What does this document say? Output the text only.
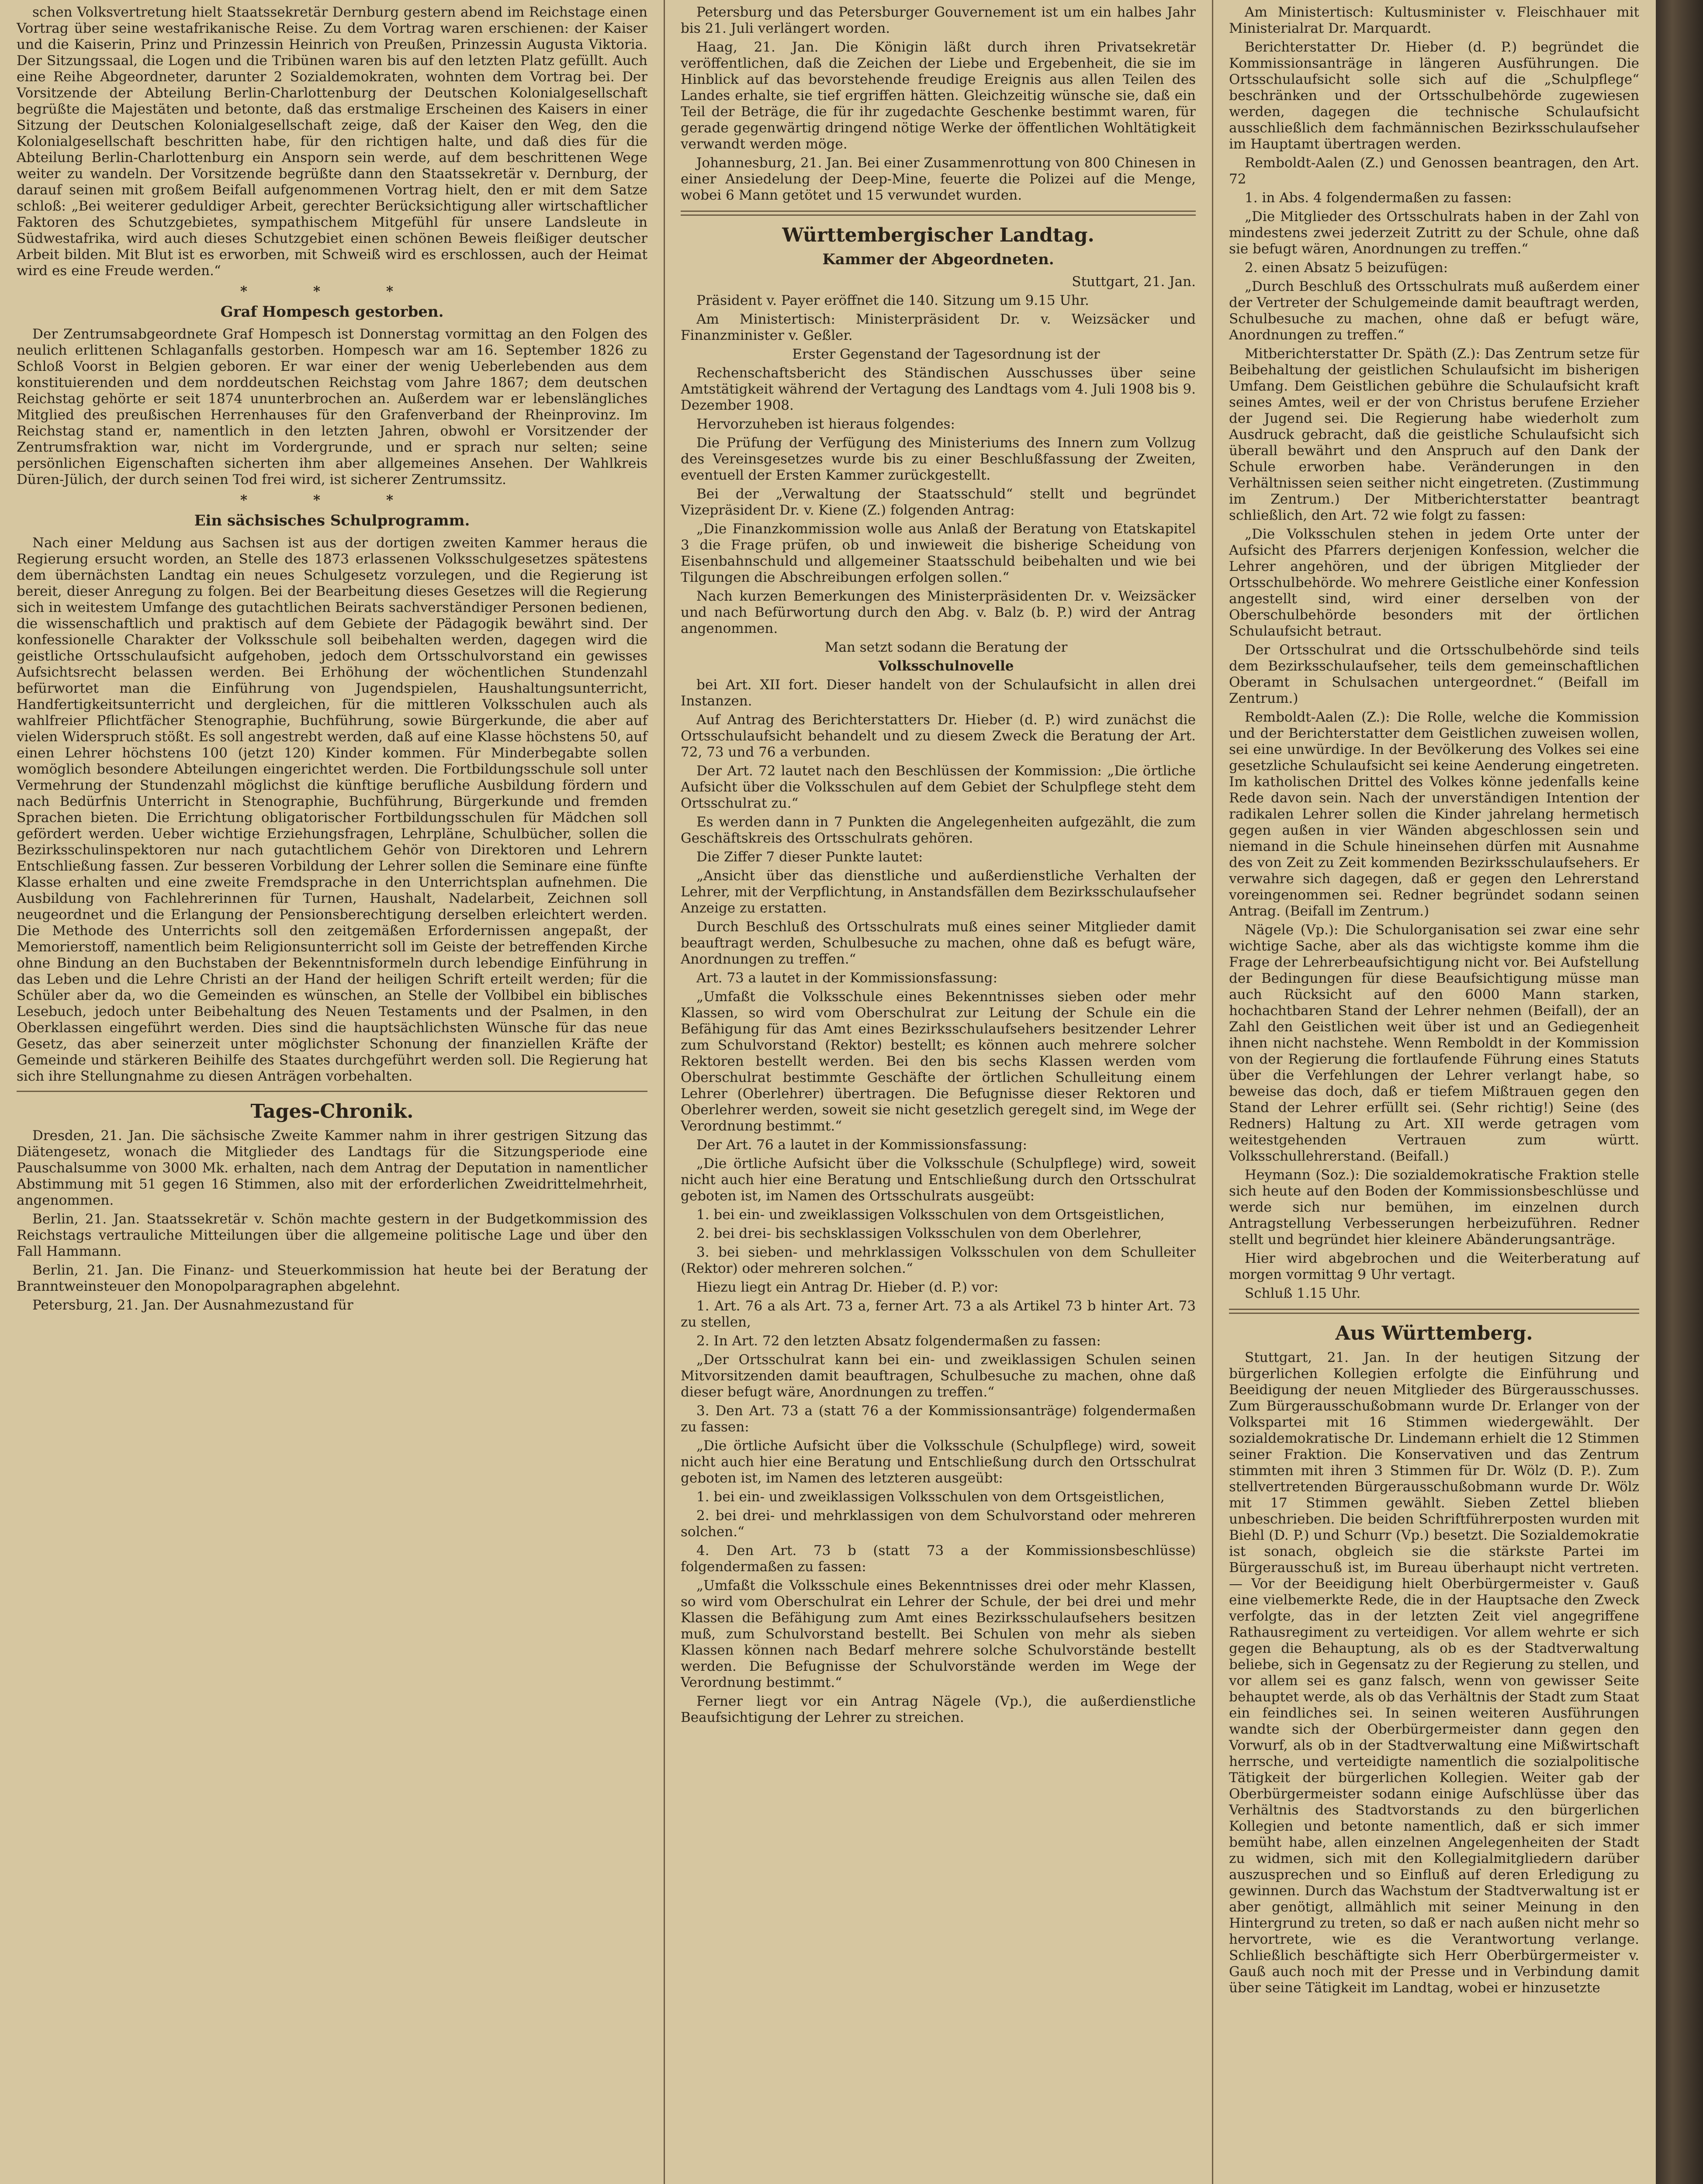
schen Volksvertretung hielt Staatssekretär Dernburg gestern abend im Reichstage einen Vortrag über seine westafrikanische Reise. Zu dem Vortrag waren erschienen: der Kaiser und die Kaiserin, Prinz und Prinzessin Heinrich von Preußen, Prinzessin Augusta Viktoria. Der Sitzungssaal, die Logen und die Tribünen waren bis auf den letzten Platz gefüllt. Auch eine Reihe Abgeordneter, darunter 2 Sozialdemokraten, wohnten dem Vortrag bei. Der Vorsitzende der Abteilung Berlin-Charlottenburg der Deutschen Kolonialgesellschaft begrüßte die Majestäten und betonte, daß das erstmalige Erscheinen des Kaisers in einer Sitzung der Deutschen Kolonialgesellschaft zeige, daß der Kaiser den Weg, den die Kolonialgesellschaft beschritten habe, für den richtigen halte, und daß dies für die Abteilung Berlin-Charlottenburg ein Ansporn sein werde, auf dem beschrittenen Wege weiter zu wandeln. Der Vorsitzende begrüßte dann den Staatssekretär v. Dernburg, der darauf seinen mit großem Beifall aufgenommenen Vortrag hielt, den er mit dem Satze schloß: „Bei weiterer geduldiger Arbeit, gerechter Berücksichtigung aller wirtschaftlicher Faktoren des Schutzgebietes, sympathischem Mitgefühl für unsere Landsleute in Südwestafrika, wird auch dieses Schutzgebiet einen schönen Beweis fleißiger deutscher Arbeit bilden. Mit Blut ist es erworben, mit Schweiß wird es erschlossen, auch der Heimat wird es eine Freude werden.“

* * *
Graf Hompesch gestorben.

Der Zentrumsabgeordnete Graf Hompesch ist Donnerstag vormittag an den Folgen des neulich erlittenen Schlaganfalls gestorben. Hompesch war am 16. September 1826 zu Schloß Voorst in Belgien geboren. Er war einer der wenig Ueberlebenden aus dem konstituierenden und dem norddeutschen Reichstag vom Jahre 1867; dem deutschen Reichstag gehörte er seit 1874 ununterbrochen an. Außerdem war er lebenslängliches Mitglied des preußischen Herrenhauses für den Grafenverband der Rheinprovinz. Im Reichstag stand er, namentlich in den letzten Jahren, obwohl er Vorsitzender der Zentrumsfraktion war, nicht im Vordergrunde, und er sprach nur selten; seine persönlichen Eigenschaften sicherten ihm aber allgemeines Ansehen. Der Wahlkreis Düren-Jülich, der durch seinen Tod frei wird, ist sicherer Zentrumssitz.

* * *
Ein sächsisches Schulprogramm.

Nach einer Meldung aus Sachsen ist aus der dortigen zweiten Kammer heraus die Regierung ersucht worden, an Stelle des 1873 erlassenen Volksschulgesetzes spätestens dem übernächsten Landtag ein neues Schulgesetz vorzulegen, und die Regierung ist bereit, dieser Anregung zu folgen. Bei der Bearbeitung dieses Gesetzes will die Regierung sich in weitestem Umfange des gutachtlichen Beirats sachverständiger Personen bedienen, die wissenschaftlich und praktisch auf dem Gebiete der Pädagogik bewährt sind. Der konfessionelle Charakter der Volksschule soll beibehalten werden, dagegen wird die geistliche Ortsschulaufsicht aufgehoben, jedoch dem Ortsschulvorstand ein gewisses Aufsichtsrecht belassen werden. Bei Erhöhung der wöchentlichen Stundenzahl befürwortet man die Einführung von Jugendspielen, Haushaltungsunterricht, Handfertigkeitsunterricht und dergleichen, für die mittleren Volksschulen auch als wahlfreier Pflichtfächer Stenographie, Buchführung, sowie Bürgerkunde, die aber auf vielen Widerspruch stößt. Es soll angestrebt werden, daß auf eine Klasse höchstens 50, auf einen Lehrer höchstens 100 (jetzt 120) Kinder kommen. Für Minderbegabte sollen womöglich besondere Abteilungen eingerichtet werden. Die Fortbildungsschule soll unter Vermehrung der Stundenzahl möglichst die künftige berufliche Ausbildung fördern und nach Bedürfnis Unterricht in Stenographie, Buchführung, Bürgerkunde und fremden Sprachen bieten. Die Errichtung obligatorischer Fortbildungsschulen für Mädchen soll gefördert werden. Ueber wichtige Erziehungsfragen, Lehrpläne, Schulbücher, sollen die Bezirksschulinspektoren nur nach gutachtlichem Gehör von Direktoren und Lehrern Entschließung fassen. Zur besseren Vorbildung der Lehrer sollen die Seminare eine fünfte Klasse erhalten und eine zweite Fremdsprache in den Unterrichtsplan aufnehmen. Die Ausbildung von Fachlehrerinnen für Turnen, Haushalt, Nadelarbeit, Zeichnen soll neugeordnet und die Erlangung der Pensionsberechtigung derselben erleichtert werden. Die Methode des Unterrichts soll den zeitgemäßen Erfordernissen angepaßt, der Memorierstoff, namentlich beim Religionsunterricht soll im Geiste der betreffenden Kirche ohne Bindung an den Buchstaben der Bekenntnisformeln durch lebendige Einführung in das Leben und die Lehre Christi an der Hand der heiligen Schrift erteilt werden; für die Schüler aber da, wo die Gemeinden es wünschen, an Stelle der Vollbibel ein biblisches Lesebuch, jedoch unter Beibehaltung des Neuen Testaments und der Psalmen, in den Oberklassen eingeführt werden. Dies sind die hauptsächlichsten Wünsche für das neue Gesetz, das aber seinerzeit unter möglichster Schonung der finanziellen Kräfte der Gemeinde und stärkeren Beihilfe des Staates durchgeführt werden soll. Die Regierung hat sich ihre Stellungnahme zu diesen Anträgen vorbehalten.

Tages-Chronik.

Dresden, 21. Jan. Die sächsische Zweite Kammer nahm in ihrer gestrigen Sitzung das Diätengesetz, wonach die Mitglieder des Landtags für die Sitzungsperiode eine Pauschalsumme von 3000 Mk. erhalten, nach dem Antrag der Deputation in namentlicher Abstimmung mit 51 gegen 16 Stimmen, also mit der erforderlichen Zweidrittelmehrheit, angenommen.

Berlin, 21. Jan. Staatssekretär v. Schön machte gestern in der Budgetkommission des Reichstags vertrauliche Mitteilungen über die allgemeine politische Lage und über den Fall Hammann.

Berlin, 21. Jan. Die Finanz- und Steuerkommission hat heute bei der Beratung der Branntweinsteuer den Monopolparagraphen abgelehnt.

Petersburg, 21. Jan. Der Ausnahmezustand für

Petersburg und das Petersburger Gouvernement ist um ein halbes Jahr bis 21. Juli verlängert worden.

Haag, 21. Jan. Die Königin läßt durch ihren Privatsekretär veröffentlichen, daß die Zeichen der Liebe und Ergebenheit, die sie im Hinblick auf das bevorstehende freudige Ereignis aus allen Teilen des Landes erhalte, sie tief ergriffen hätten. Gleichzeitig wünsche sie, daß ein Teil der Beträge, die für ihr zugedachte Geschenke bestimmt waren, für gerade gegenwärtig dringend nötige Werke der öffentlichen Wohltätigkeit verwandt werden möge.

Johannesburg, 21. Jan. Bei einer Zusammenrottung von 800 Chinesen in einer Ansiedelung der Deep-Mine, feuerte die Polizei auf die Menge, wobei 6 Mann getötet und 15 verwundet wurden.

Württembergischer Landtag.
Kammer der Abgeordneten.

Stuttgart, 21. Jan.

Präsident v. Payer eröffnet die 140. Sitzung um 9.15 Uhr.

Am Ministertisch: Ministerpräsident Dr. v. Weizsäcker und Finanzminister v. Geßler.

Erster Gegenstand der Tagesordnung ist der

Rechenschaftsbericht des Ständischen Ausschusses über seine Amtstätigkeit während der Vertagung des Landtags vom 4. Juli 1908 bis 9. Dezember 1908.

Hervorzuheben ist hieraus folgendes:

Die Prüfung der Verfügung des Ministeriums des Innern zum Vollzug des Vereinsgesetzes wurde bis zu einer Beschlußfassung der Zweiten, eventuell der Ersten Kammer zurückgestellt.

Bei der „Verwaltung der Staatsschuld“ stellt und begründet Vizepräsident Dr. v. Kiene (Z.) folgenden Antrag:

„Die Finanzkommission wolle aus Anlaß der Beratung von Etatskapitel 3 die Frage prüfen, ob und inwieweit die bisherige Scheidung von Eisenbahnschuld und allgemeiner Staatsschuld beibehalten und wie bei Tilgungen die Abschreibungen erfolgen sollen.“

Nach kurzen Bemerkungen des Ministerpräsidenten Dr. v. Weizsäcker und nach Befürwortung durch den Abg. v. Balz (b. P.) wird der Antrag angenommen.

Man setzt sodann die Beratung der

Volksschulnovelle

bei Art. XII fort. Dieser handelt von der Schulaufsicht in allen drei Instanzen.

Auf Antrag des Berichterstatters Dr. Hieber (d. P.) wird zunächst die Ortsschulaufsicht behandelt und zu diesem Zweck die Beratung der Art. 72, 73 und 76 a verbunden.

Der Art. 72 lautet nach den Beschlüssen der Kommission: „Die örtliche Aufsicht über die Volksschulen auf dem Gebiet der Schulpflege steht dem Ortsschulrat zu.“

Es werden dann in 7 Punkten die Angelegenheiten aufgezählt, die zum Geschäftskreis des Ortsschulrats gehören.

Die Ziffer 7 dieser Punkte lautet:

„Ansicht über das dienstliche und außerdienstliche Verhalten der Lehrer, mit der Verpflichtung, in Anstandsfällen dem Bezirksschulaufseher Anzeige zu erstatten.

Durch Beschluß des Ortsschulrats muß eines seiner Mitglieder damit beauftragt werden, Schulbesuche zu machen, ohne daß es befugt wäre, Anordnungen zu treffen.“

Art. 73 a lautet in der Kommissionsfassung:

„Umfaßt die Volksschule eines Bekenntnisses sieben oder mehr Klassen, so wird vom Oberschulrat zur Leitung der Schule ein die Befähigung für das Amt eines Bezirksschulaufsehers besitzender Lehrer zum Schulvorstand (Rektor) bestellt; es können auch mehrere solcher Rektoren bestellt werden. Bei den bis sechs Klassen werden vom Oberschulrat bestimmte Geschäfte der örtlichen Schulleitung einem Lehrer (Oberlehrer) übertragen. Die Befugnisse dieser Rektoren und Oberlehrer werden, soweit sie nicht gesetzlich geregelt sind, im Wege der Verordnung bestimmt.“

Der Art. 76 a lautet in der Kommissionsfassung:

„Die örtliche Aufsicht über die Volksschule (Schulpflege) wird, soweit nicht auch hier eine Beratung und Entschließung durch den Ortsschulrat geboten ist, im Namen des Ortsschulrats ausgeübt:

1. bei ein- und zweiklassigen Volksschulen von dem Ortsgeistlichen,

2. bei drei- bis sechsklassigen Volksschulen von dem Oberlehrer,

3. bei sieben- und mehrklassigen Volksschulen von dem Schulleiter (Rektor) oder mehreren solchen.“

Hiezu liegt ein Antrag Dr. Hieber (d. P.) vor:

1. Art. 76 a als Art. 73 a, ferner Art. 73 a als Artikel 73 b hinter Art. 73 zu stellen,

2. In Art. 72 den letzten Absatz folgendermaßen zu fassen:

„Der Ortsschulrat kann bei ein- und zweiklassigen Schulen seinen Mitvorsitzenden damit beauftragen, Schulbesuche zu machen, ohne daß dieser befugt wäre, Anordnungen zu treffen.“

3. Den Art. 73 a (statt 76 a der Kommissionsanträge) folgendermaßen zu fassen:

„Die örtliche Aufsicht über die Volksschule (Schulpflege) wird, soweit nicht auch hier eine Beratung und Entschließung durch den Ortsschulrat geboten ist, im Namen des letzteren ausgeübt:

1. bei ein- und zweiklassigen Volksschulen von dem Ortsgeistlichen,

2. bei drei- und mehrklassigen von dem Schulvorstand oder mehreren solchen.“

4. Den Art. 73 b (statt 73 a der Kommissionsbeschlüsse) folgendermaßen zu fassen:

„Umfaßt die Volksschule eines Bekenntnisses drei oder mehr Klassen, so wird vom Oberschulrat ein Lehrer der Schule, der bei drei und mehr Klassen die Befähigung zum Amt eines Bezirksschulaufsehers besitzen muß, zum Schulvorstand bestellt. Bei Schulen von mehr als sieben Klassen können nach Bedarf mehrere solche Schulvorstände bestellt werden. Die Befugnisse der Schulvorstände werden im Wege der Verordnung bestimmt.“

Ferner liegt vor ein Antrag Nägele (Vp.), die außerdienstliche Beaufsichtigung der Lehrer zu streichen.

Am Ministertisch: Kultusminister v. Fleischhauer mit Ministerialrat Dr. Marquardt.

Berichterstatter Dr. Hieber (d. P.) begründet die Kommissionsanträge in längeren Ausführungen. Die Ortsschulaufsicht solle sich auf die „Schulpflege“ beschränken und der Ortsschulbehörde zugewiesen werden, dagegen die technische Schulaufsicht ausschließlich dem fachmännischen Bezirksschulaufseher im Hauptamt übertragen werden.

Remboldt-Aalen (Z.) und Genossen beantragen, den Art. 72

1. in Abs. 4 folgendermaßen zu fassen:

„Die Mitglieder des Ortsschulrats haben in der Zahl von mindestens zwei jederzeit Zutritt zu der Schule, ohne daß sie befugt wären, Anordnungen zu treffen.“

2. einen Absatz 5 beizufügen:

„Durch Beschluß des Ortsschulrats muß außerdem einer der Vertreter der Schulgemeinde damit beauftragt werden, Schulbesuche zu machen, ohne daß er befugt wäre, Anordnungen zu treffen.“

Mitberichterstatter Dr. Späth (Z.): Das Zentrum setze für Beibehaltung der geistlichen Schulaufsicht im bisherigen Umfang. Dem Geistlichen gebühre die Schulaufsicht kraft seines Amtes, weil er der von Christus berufene Erzieher der Jugend sei. Die Regierung habe wiederholt zum Ausdruck gebracht, daß die geistliche Schulaufsicht sich überall bewährt und den Anspruch auf den Dank der Schule erworben habe. Veränderungen in den Verhältnissen seien seither nicht eingetreten. (Zustimmung im Zentrum.) Der Mitberichterstatter beantragt schließlich, den Art. 72 wie folgt zu fassen:

„Die Volksschulen stehen in jedem Orte unter der Aufsicht des Pfarrers derjenigen Konfession, welcher die Lehrer angehören, und der übrigen Mitglieder der Ortsschulbehörde. Wo mehrere Geistliche einer Konfession angestellt sind, wird einer derselben von der Oberschulbehörde besonders mit der örtlichen Schulaufsicht betraut.

Der Ortsschulrat und die Ortsschulbehörde sind teils dem Bezirksschulaufseher, teils dem gemeinschaftlichen Oberamt in Schulsachen untergeordnet.“ (Beifall im Zentrum.)

Remboldt-Aalen (Z.): Die Rolle, welche die Kommission und der Berichterstatter dem Geistlichen zuweisen wollen, sei eine unwürdige. In der Bevölkerung des Volkes sei eine gesetzliche Schulaufsicht sei keine Aenderung eingetreten. Im katholischen Drittel des Volkes könne jedenfalls keine Rede davon sein. Nach der unverständigen Intention der radikalen Lehrer sollen die Kinder jahrelang hermetisch gegen außen in vier Wänden abgeschlossen sein und niemand in die Schule hineinsehen dürfen mit Ausnahme des von Zeit zu Zeit kommenden Bezirksschulaufsehers. Er verwahre sich dagegen, daß er gegen den Lehrerstand voreingenommen sei. Redner begründet sodann seinen Antrag. (Beifall im Zentrum.)

Nägele (Vp.): Die Schulorganisation sei zwar eine sehr wichtige Sache, aber als das wichtigste komme ihm die Frage der Lehrerbeaufsichtigung nicht vor. Bei Aufstellung der Bedingungen für diese Beaufsichtigung müsse man auch Rücksicht auf den 6000 Mann starken, hochachtbaren Stand der Lehrer nehmen (Beifall), der an Zahl den Geistlichen weit über ist und an Gediegenheit ihnen nicht nachstehe. Wenn Remboldt in der Kommission von der Regierung die fortlaufende Führung eines Statuts über die Verfehlungen der Lehrer verlangt habe, so beweise das doch, daß er tiefem Mißtrauen gegen den Stand der Lehrer erfüllt sei. (Sehr richtig!) Seine (des Redners) Haltung zu Art. XII werde getragen vom weitestgehenden Vertrauen zum württ. Volksschullehrerstand. (Beifall.)

Heymann (Soz.): Die sozialdemokratische Fraktion stelle sich heute auf den Boden der Kommissionsbeschlüsse und werde sich nur bemühen, im einzelnen durch Antragstellung Verbesserungen herbeizuführen. Redner stellt und begründet hier kleinere Abänderungsanträge.

Hier wird abgebrochen und die Weiterberatung auf morgen vormittag 9 Uhr vertagt.

Schluß 1.15 Uhr.

Aus Württemberg.

Stuttgart, 21. Jan. In der heutigen Sitzung der bürgerlichen Kollegien erfolgte die Einführung und Beeidigung der neuen Mitglieder des Bürgerausschusses. Zum Bürgerausschußobmann wurde Dr. Erlanger von der Volkspartei mit 16 Stimmen wiedergewählt. Der sozialdemokratische Dr. Lindemann erhielt die 12 Stimmen seiner Fraktion. Die Konservativen und das Zentrum stimmten mit ihren 3 Stimmen für Dr. Wölz (D. P.). Zum stellvertretenden Bürgerausschußobmann wurde Dr. Wölz mit 17 Stimmen gewählt. Sieben Zettel blieben unbeschrieben. Die beiden Schriftführerposten wurden mit Biehl (D. P.) und Schurr (Vp.) besetzt. Die Sozialdemokratie ist sonach, obgleich sie die stärkste Partei im Bürgerausschuß ist, im Bureau überhaupt nicht vertreten. — Vor der Beeidigung hielt Oberbürgermeister v. Gauß eine vielbemerkte Rede, die in der Hauptsache den Zweck verfolgte, das in der letzten Zeit viel angegriffene Rathausregiment zu verteidigen. Vor allem wehrte er sich gegen die Behauptung, als ob es der Stadtverwaltung beliebe, sich in Gegensatz zu der Regierung zu stellen, und vor allem sei es ganz falsch, wenn von gewisser Seite behauptet werde, als ob das Verhältnis der Stadt zum Staat ein feindliches sei. In seinen weiteren Ausführungen wandte sich der Oberbürgermeister dann gegen den Vorwurf, als ob in der Stadtverwaltung eine Mißwirtschaft herrsche, und verteidigte namentlich die sozialpolitische Tätigkeit der bürgerlichen Kollegien. Weiter gab der Oberbürgermeister sodann einige Aufschlüsse über das Verhältnis des Stadtvorstands zu den bürgerlichen Kollegien und betonte namentlich, daß er sich immer bemüht habe, allen einzelnen Angelegenheiten der Stadt zu widmen, sich mit den Kollegialmitgliedern darüber auszusprechen und so Einfluß auf deren Erledigung zu gewinnen. Durch das Wachstum der Stadtverwaltung ist er aber genötigt, allmählich mit seiner Meinung in den Hintergrund zu treten, so daß er nach außen nicht mehr so hervortrete, wie es die Verantwortung verlange. Schließlich beschäftigte sich Herr Oberbürgermeister v. Gauß auch noch mit der Presse und in Verbindung damit über seine Tätigkeit im Landtag, wobei er hinzusetzte
